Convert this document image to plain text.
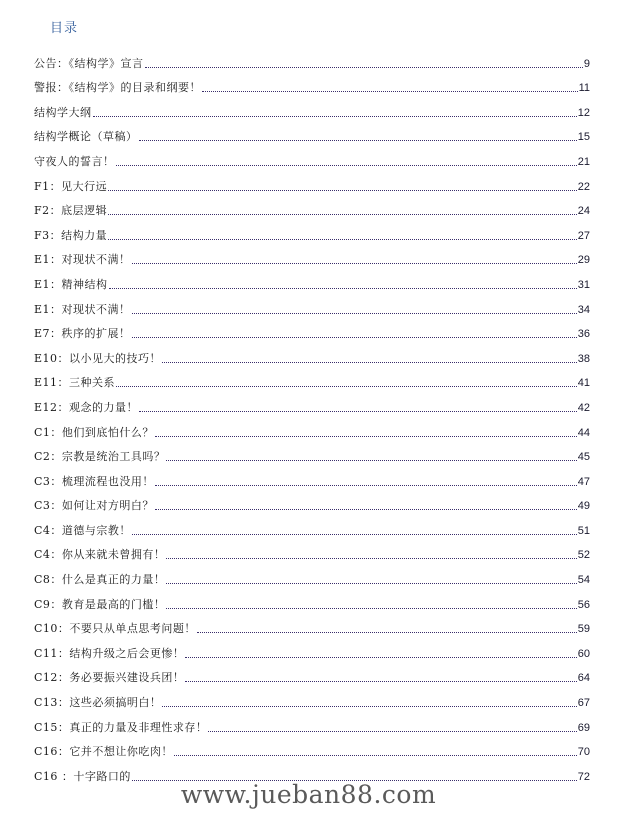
目录
公告：《结构学》宣言	9
警报：《结构学》的目录和纲要！	11
结构学大纲	12
结构学概论（草稿）	15
守夜人的誓言！	21
F1：见大行远	22
F2：底层逻辑	24
F3：结构力量	27
E1：对现状不满！	29
E1：精神结构	31
E1：对现状不满！	34
E7：秩序的扩展！	36
E10：以小见大的技巧！	38
E11：三种关系	41
E12：观念的力量！	42
C1：他们到底怕什么？	44
C2：宗教是统治工具吗？	45
C3：梳理流程也没用！	47
C3：如何让对方明白？	49
C4：道德与宗教！	51
C4：你从来就未曾拥有！	52
C8：什么是真正的力量！	54
C9：教育是最高的门槛！	56
C10：不要只从单点思考问题！	59
C11：结构升级之后会更惨！	60
C12：务必要振兴建设兵团！	64
C13：这些必须搞明白！	67
C15：真正的力量及非理性求存！	69
C16：它并不想让你吃肉！	70
C16 ：十字路口的	72
www.jueban88.com
